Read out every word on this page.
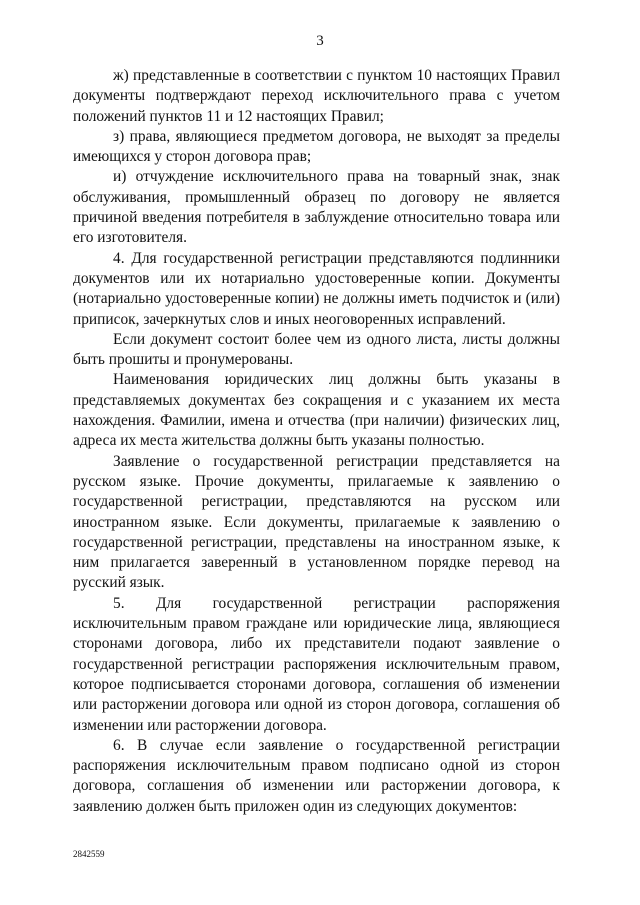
3

ж) представленные в соответствии с пунктом 10 настоящих Правил документы подтверждают переход исключительного права с учетом положений пунктов 11 и 12 настоящих Правил;

з) права, являющиеся предметом договора, не выходят за пределы имеющихся у сторон договора прав;

и) отчуждение исключительного права на товарный знак, знак обслуживания, промышленный образец по договору не является причиной введения потребителя в заблуждение относительно товара или его изготовителя.

4. Для государственной регистрации представляются подлинники документов или их нотариально удостоверенные копии. Документы (нотариально удостоверенные копии) не должны иметь подчисток и (или) приписок, зачеркнутых слов и иных неоговоренных исправлений.

Если документ состоит более чем из одного листа, листы должны быть прошиты и пронумерованы.

Наименования юридических лиц должны быть указаны в представляемых документах без сокращения и с указанием их места нахождения. Фамилии, имена и отчества (при наличии) физических лиц, адреса их места жительства должны быть указаны полностью.

Заявление о государственной регистрации представляется на русском языке. Прочие документы, прилагаемые к заявлению о государственной регистрации, представляются на русском или иностранном языке. Если документы, прилагаемые к заявлению о государственной регистрации, представлены на иностранном языке, к ним прилагается заверенный в установленном порядке перевод на русский язык.

5. Для государственной регистрации распоряжения исключительным правом граждане или юридические лица, являющиеся сторонами договора, либо их представители подают заявление о государственной регистрации распоряжения исключительным правом, которое подписывается сторонами договора, соглашения об изменении или расторжении договора или одной из сторон договора, соглашения об изменении или расторжении договора.

6. В случае если заявление о государственной регистрации распоряжения исключительным правом подписано одной из сторон договора, соглашения об изменении или расторжении договора, к заявлению должен быть приложен один из следующих документов:

2842559
